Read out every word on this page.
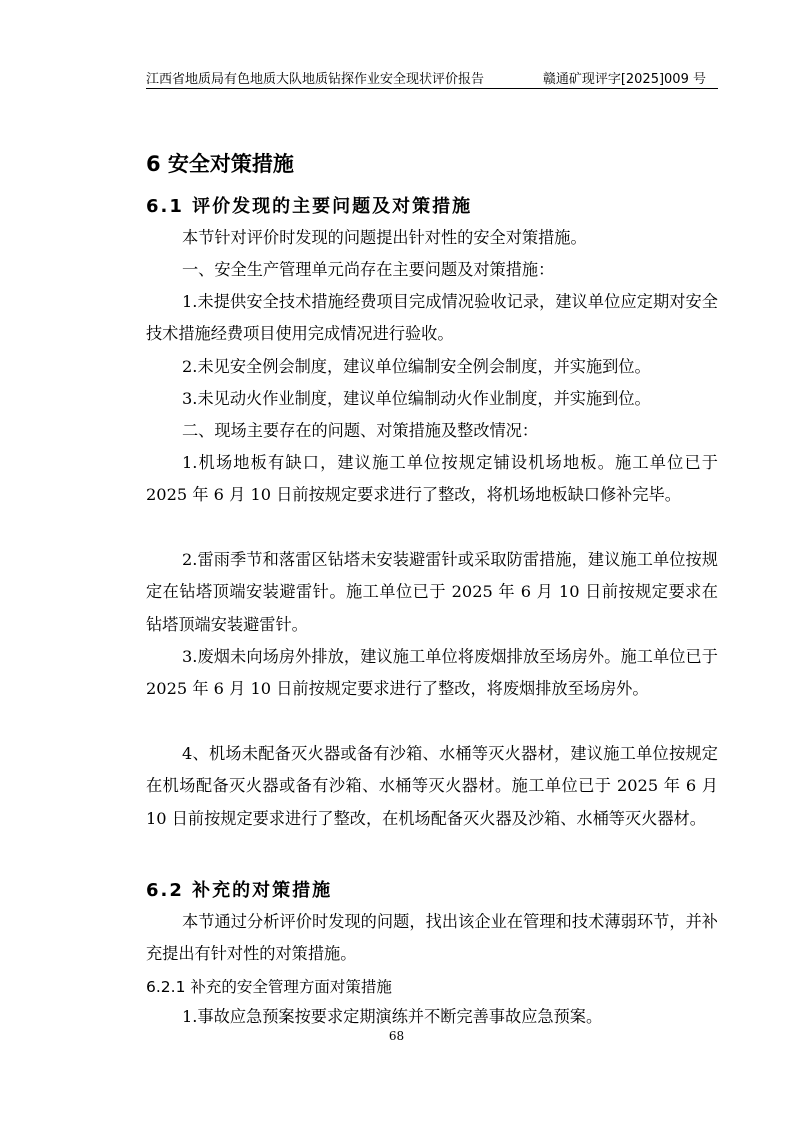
江西省地质局有色地质大队地质钻探作业安全现状评价报告	赣通矿现评字[2025]009 号
6 安全对策措施
6.1 评价发现的主要问题及对策措施

本节针对评价时发现的问题提出针对性的安全对策措施。

一、安全生产管理单元尚存在主要问题及对策措施：

1.未提供安全技术措施经费项目完成情况验收记录，建议单位应定期对安全技术措施经费项目使用完成情况进行验收。

2.未见安全例会制度，建议单位编制安全例会制度，并实施到位。

3.未见动火作业制度，建议单位编制动火作业制度，并实施到位。

二、现场主要存在的问题、对策措施及整改情况：

1.机场地板有缺口，建议施工单位按规定铺设机场地板。施工单位已于 2025 年 6 月 10 日前按规定要求进行了整改，将机场地板缺口修补完毕。

2.雷雨季节和落雷区钻塔未安装避雷针或采取防雷措施，建议施工单位按规定在钻塔顶端安装避雷针。施工单位已于 2025 年 6 月 10 日前按规定要求在钻塔顶端安装避雷针。

3.废烟未向场房外排放，建议施工单位将废烟排放至场房外。施工单位已于 2025 年 6 月 10 日前按规定要求进行了整改，将废烟排放至场房外。

4、机场未配备灭火器或备有沙箱、水桶等灭火器材，建议施工单位按规定在机场配备灭火器或备有沙箱、水桶等灭火器材。施工单位已于 2025 年 6 月 10 日前按规定要求进行了整改，在机场配备灭火器及沙箱、水桶等灭火器材。

6.2 补充的对策措施

本节通过分析评价时发现的问题，找出该企业在管理和技术薄弱环节，并补充提出有针对性的对策措施。

6.2.1 补充的安全管理方面对策措施

1.事故应急预案按要求定期演练并不断完善事故应急预案。

68
